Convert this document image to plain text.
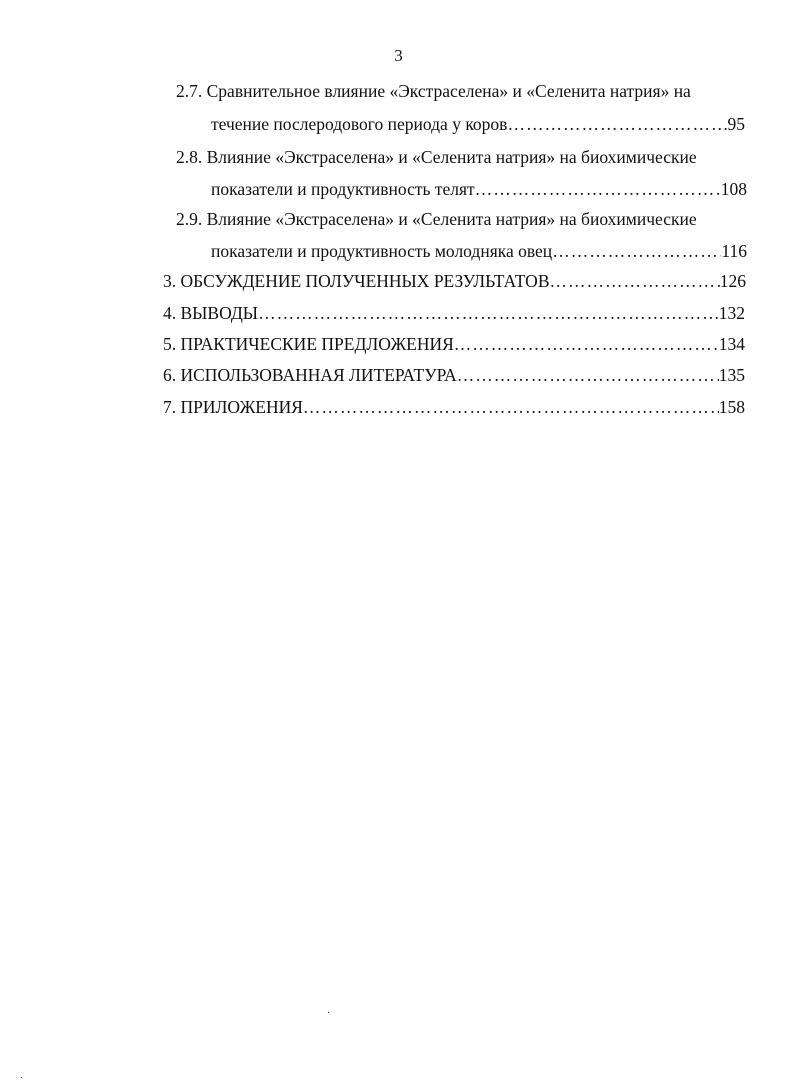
3
2.7. Сравнительное влияние «Экстраселена» и «Селенита натрия» на
течение послеродового периода у коров ……………………………………………………………………………………………………………………………………………………………………	95
2.8. Влияние «Экстраселена» и «Селенита натрия» на биохимические
показатели и продуктивность телят ……………………………………………………………………………………………………………………………………………………………………	108
2.9. Влияние «Экстраселена» и «Селенита натрия» на биохимические
показатели и продуктивность молодняка овец ……………………………………………………………………………………………………………………………………………………………………	116
3. ОБСУЖДЕНИЕ ПОЛУЧЕННЫХ РЕЗУЛЬТАТОВ ……………………………………………………………………………………………………………………………………………………………………	126
4. ВЫВОДЫ ……………………………………………………………………………………………………………………………………………………………………	132
5. ПРАКТИЧЕСКИЕ ПРЕДЛОЖЕНИЯ ……………………………………………………………………………………………………………………………………………………………………	134
6. ИСПОЛЬЗОВАННАЯ ЛИТЕРАТУРА ……………………………………………………………………………………………………………………………………………………………………	135
7. ПРИЛОЖЕНИЯ ……………………………………………………………………………………………………………………………………………………………………	158
·
ˎ
